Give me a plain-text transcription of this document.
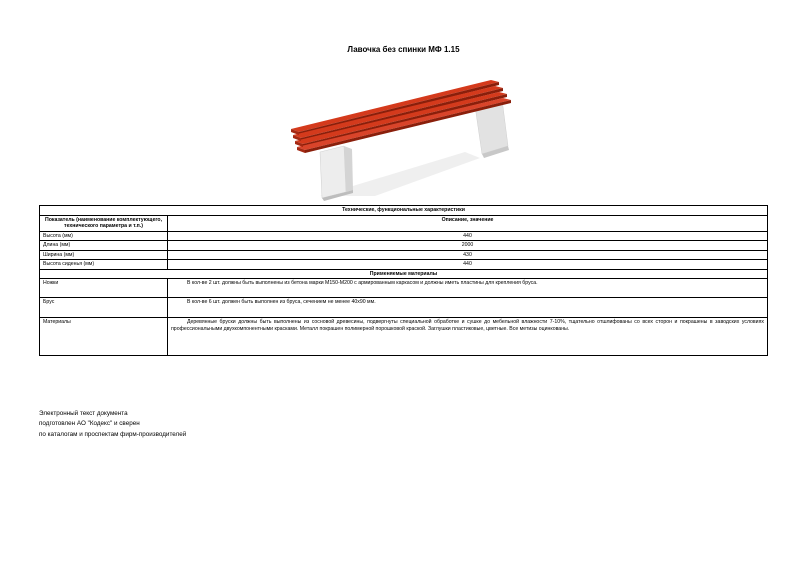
Лавочка без спинки МФ 1.15
Технические, функциональные характеристики	
Показатель (наименование комплектующего, технического параметра и т.п.)	Описание, значение
Высота (мм)	440
Длина (мм)	2000
Ширина (мм)	430
Высота сиденья (мм)	440
Применяемые материалы	
Ножки	В кол-ве 2 шт. должны быть выполнены из бетона марки М150-М200 с армированным каркасом и должны иметь пластины для крепления бруса.
Брус	В кол-ве 6 шт. должен быть выполнен из бруса, сечением не менее 40х90 мм.
Материалы	Деревянные бруски должны быть выполнены из сосновой древесины, подвергнуты специальной обработке и сушке до мебельной влажности 7-10%, тщательно отшлифованы со всех сторон и покрашены в заводских условиях профессиональными двухкомпонентными красками. Металл покрашен полимерной порошковой краской. Заглушки пластиковые, цветные. Все метизы оцинкованы.
Электронный текст документа
подготовлен АО "Кодекс" и сверен
по каталогам и проспектам фирм-производителей
